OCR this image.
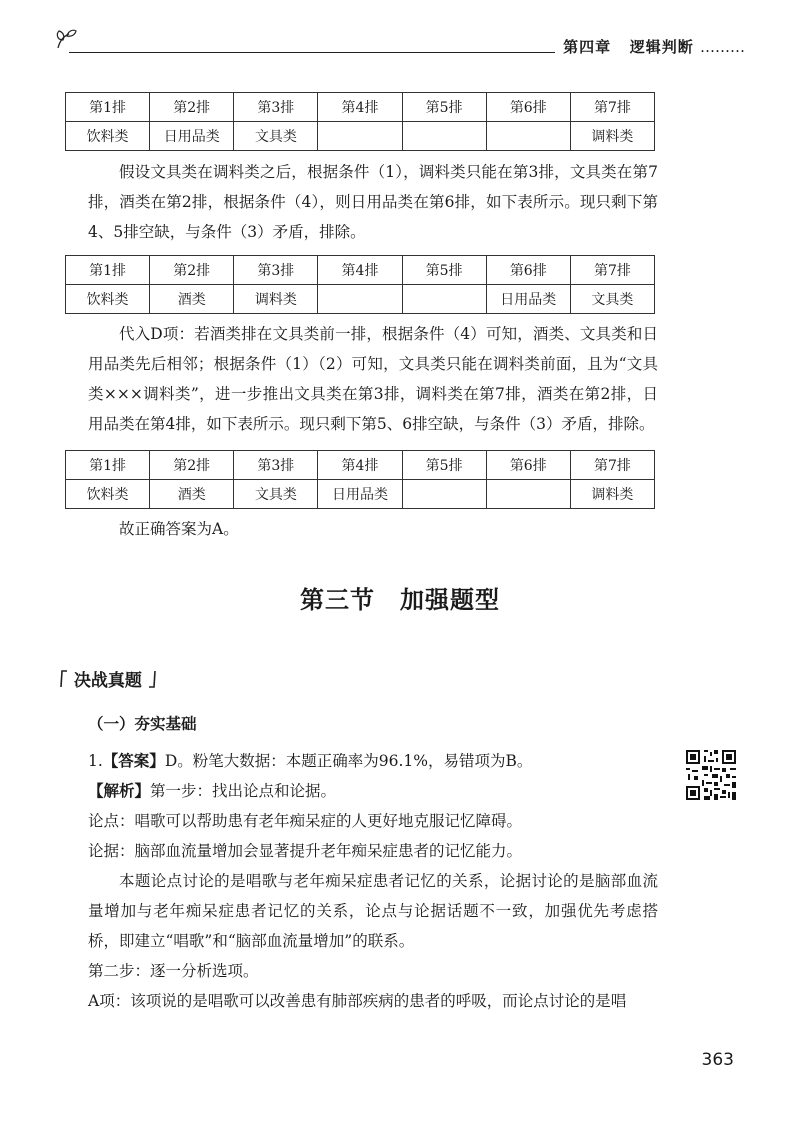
第四章 逻辑判断 ………
第1排	第2排	第3排	第4排	第5排	第6排	第7排
饮料类	日用品类	文具类				调料类

假设文具类在调料类之后，根据条件（1），调料类只能在第3排，文具类在第7排，酒类在第2排，根据条件（4），则日用品类在第6排，如下表所示。现只剩下第4、5排空缺，与条件（3）矛盾，排除。

第1排	第2排	第3排	第4排	第5排	第6排	第7排
饮料类	酒类	调料类			日用品类	文具类

代入D项：若酒类排在文具类前一排，根据条件（4）可知，酒类、文具类和日用品类先后相邻；根据条件（1）（2）可知，文具类只能在调料类前面，且为“文具类×××调料类”，进一步推出文具类在第3排，调料类在第7排，酒类在第2排，日用品类在第4排，如下表所示。现只剩下第5、6排空缺，与条件（3）矛盾，排除。

第1排	第2排	第3排	第4排	第5排	第6排	第7排
饮料类	酒类	文具类	日用品类			调料类

故正确答案为A。

第三节　加强题型
决战真题
（一）夯实基础
1.【答案】D。粉笔大数据：本题正确率为96.1%，易错项为B。
【解析】第一步：找出论点和论据。
论点：唱歌可以帮助患有老年痴呆症的人更好地克服记忆障碍。
论据：脑部血流量增加会显著提升老年痴呆症患者的记忆能力。

本题论点讨论的是唱歌与老年痴呆症患者记忆的关系，论据讨论的是脑部血流量增加与老年痴呆症患者记忆的关系，论点与论据话题不一致，加强优先考虑搭桥，即建立“唱歌”和“脑部血流量增加”的联系。

第二步：逐一分析选项。
A项：该项说的是唱歌可以改善患有肺部疾病的患者的呼吸，而论点讨论的是唱
363
